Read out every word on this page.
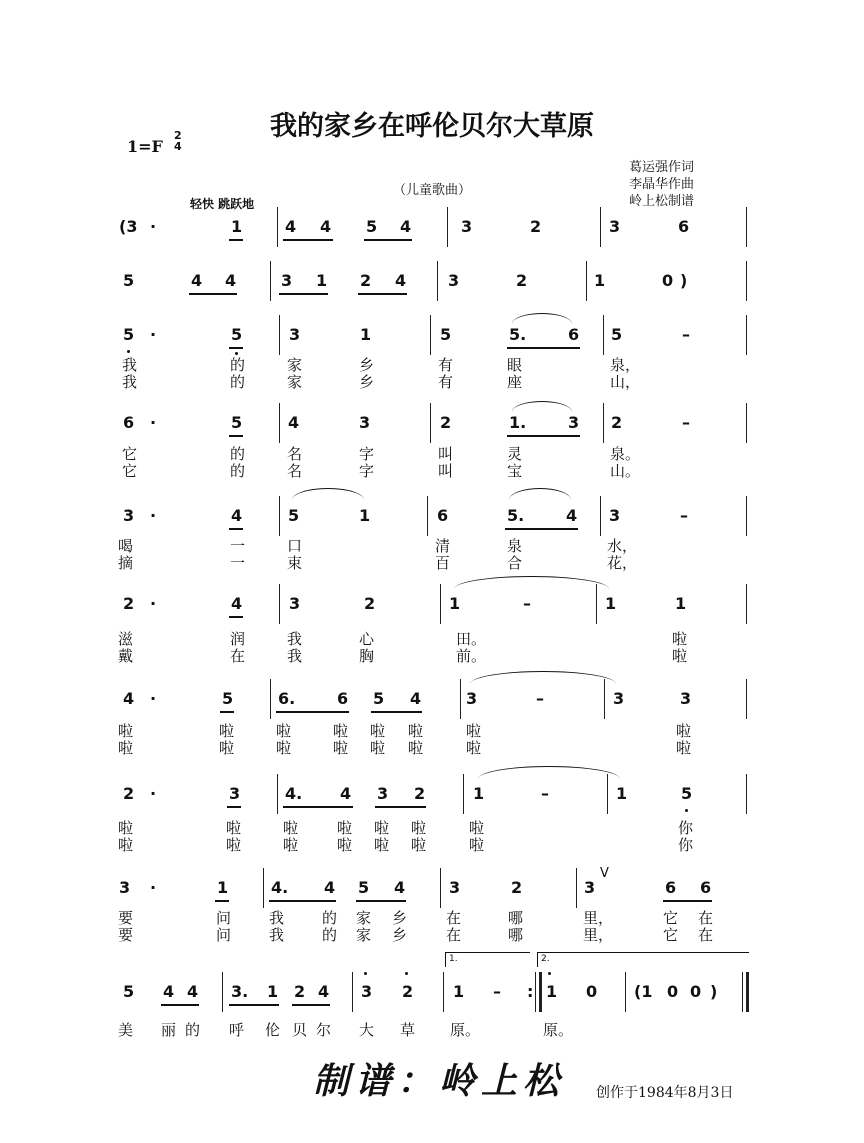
我的家乡在呼伦贝尔大草原
1=F
2
4
葛运强作词
李晶华作曲
岭上松制谱
（儿童歌曲）
轻快 跳跃地
(3 ·	1	4 4 5 4	3	2	3	6
5	4 4	3 1 2 4	3	2	1	0 )
5 ·	5	3	1	5	5.	6 5	–
我	的	家	乡	有	眼	泉，
我	的	家	乡	有	座	山，
6 ·	5	4	3	2	1.	3 2	–
它	的	名	字	叫	灵	泉。
它	的	名	字	叫	宝	山。
3 ·	4	5	1	6	5.	4 3	–
喝	一	口	清	泉	水，
摘	一	束	百	合	花，
2 ·	4	3	2	1	–	1	1
滋	润	我	心	田。	啦
戴	在	我	胸	前。	啦
4 ·	5	6.	6 5 4	3	–	3	3
啦	啦	啦	啦 啦 啦	啦	啦
啦	啦	啦	啦 啦 啦	啦	啦
2 ·	3	4. 4 3 2	1	–	1	5
啦	啦	啦	啦 啦 啦	啦	你
啦	啦	啦	啦 啦 啦	啦	你
3 ·	1	4. 4 5 4	3	2	3
V
6 6
要	问	我	的 家 乡	在	哪	里，	它 在
要	问	我	的 家 乡	在	哪	里，	它 在
1.	2.
5 4 4 3. 1 2 4 3 2 1 – : 1 0 (1 0 0 )
美 丽 的 呼 伦 贝 尔 大 草 原。	原。
制谱：岭上松 创作于1984年8月3日
